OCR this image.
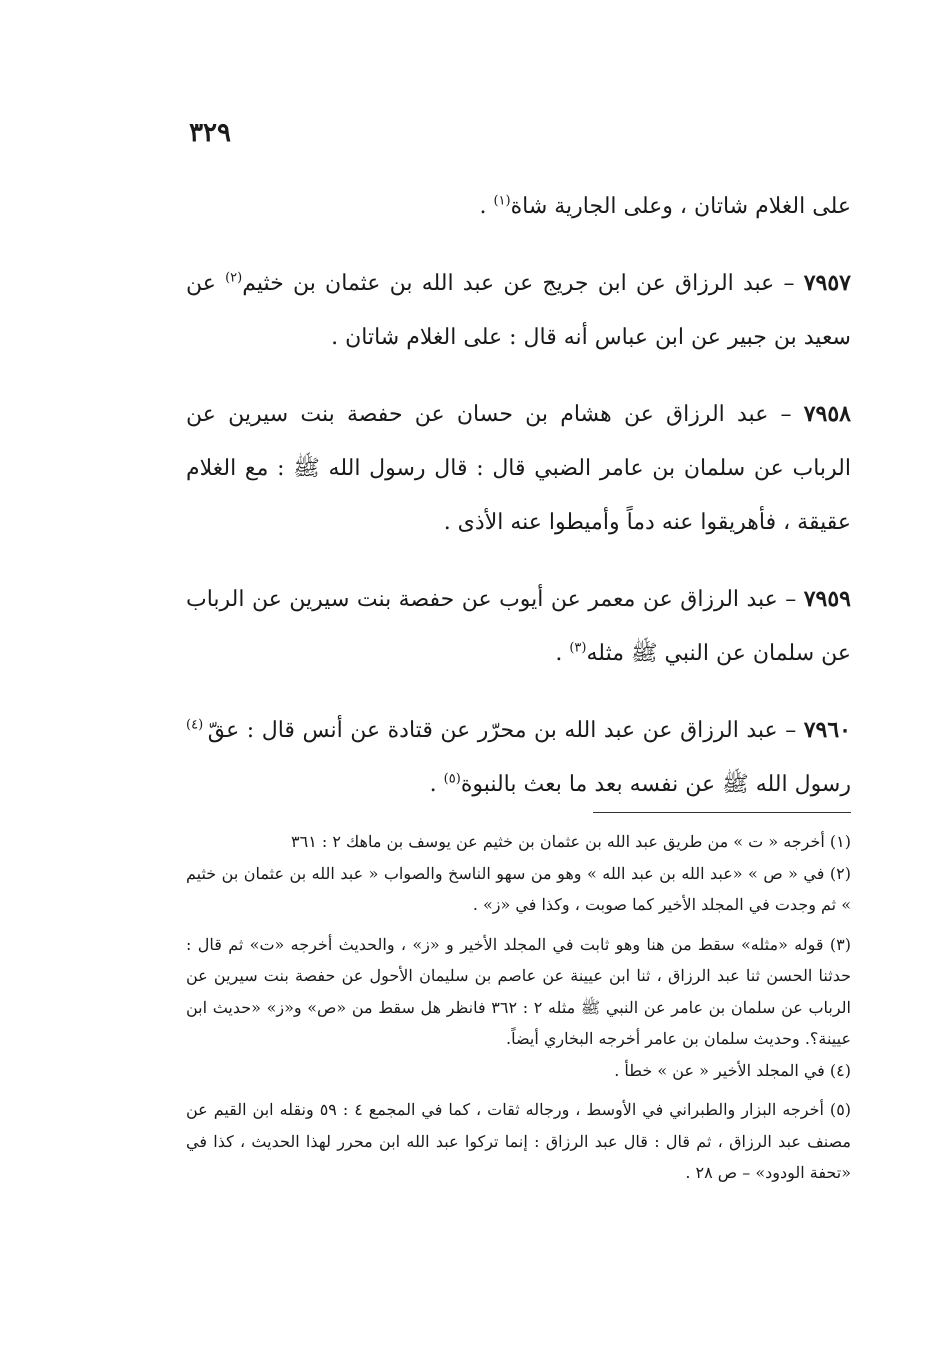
٣٢٩

على الغلام شاتان ، وعلى الجارية شاة$^{(١)}$ .

٧٩٥٧ – عبد الرزاق عن ابن جريج عن عبد الله بن عثمان بن خثيم$^{(٢)}$ عن سعيد بن جبير عن ابن عباس أنه قال : على الغلام شاتان .

٧٩٥٨ – عبد الرزاق عن هشام بن حسان عن حفصة بنت سيرين عن الرباب عن سلمان بن عامر الضبي قال : قال رسول الله ﷺ : مع الغلام عقيقة ، فأهريقوا عنه دماً وأميطوا عنه الأذى .

٧٩٥٩ – عبد الرزاق عن معمر عن أيوب عن حفصة بنت سيرين عن الرباب عن سلمان عن النبي ﷺ مثله$^{(٣)}$ .

٧٩٦٠ – عبد الرزاق عن عبد الله بن محرّر عن قتادة عن أنس قال : عقّ $^{(٤)}$ رسول الله ﷺ عن نفسه بعد ما بعث بالنبوة$^{(٥)}$ .

(١) أخرجه « ت » من طريق عبد الله بن عثمان بن خثيم عن يوسف بن ماهك ٢ : ٣٦١

(٢) في « ص » «عبد الله بن عبد الله » وهو من سهو الناسخ والصواب « عبد الله بن عثمان بن خثيم » ثم وجدت في المجلد الأخير كما صوبت ، وكذا في «ز» .

(٣) قوله «مثله» سقط من هنا وهو ثابت في المجلد الأخير و «ز» ، والحديث أخرجه «ت» ثم قال : حدثنا الحسن ثنا عبد الرزاق ، ثنا ابن عيينة عن عاصم بن سليمان الأحول عن حفصة بنت سيرين عن الرباب عن سلمان بن عامر عن النبي ﷺ مثله ٢ : ٣٦٢ فانظر هل سقط من «ص» و«ز» «حديث ابن عيينة؟. وحديث سلمان بن عامر أخرجه البخاري أيضاً.

(٤) في المجلد الأخير « عن » خطأ .

(٥) أخرجه البزار والطبراني في الأوسط ، ورجاله ثقات ، كما في المجمع ٤ : ٥٩ ونقله ابن القيم عن مصنف عبد الرزاق ، ثم قال : قال عبد الرزاق : إنما تركوا عبد الله ابن محرر لهذا الحديث ، كذا في «تحفة الودود» – ص ٢٨ .
